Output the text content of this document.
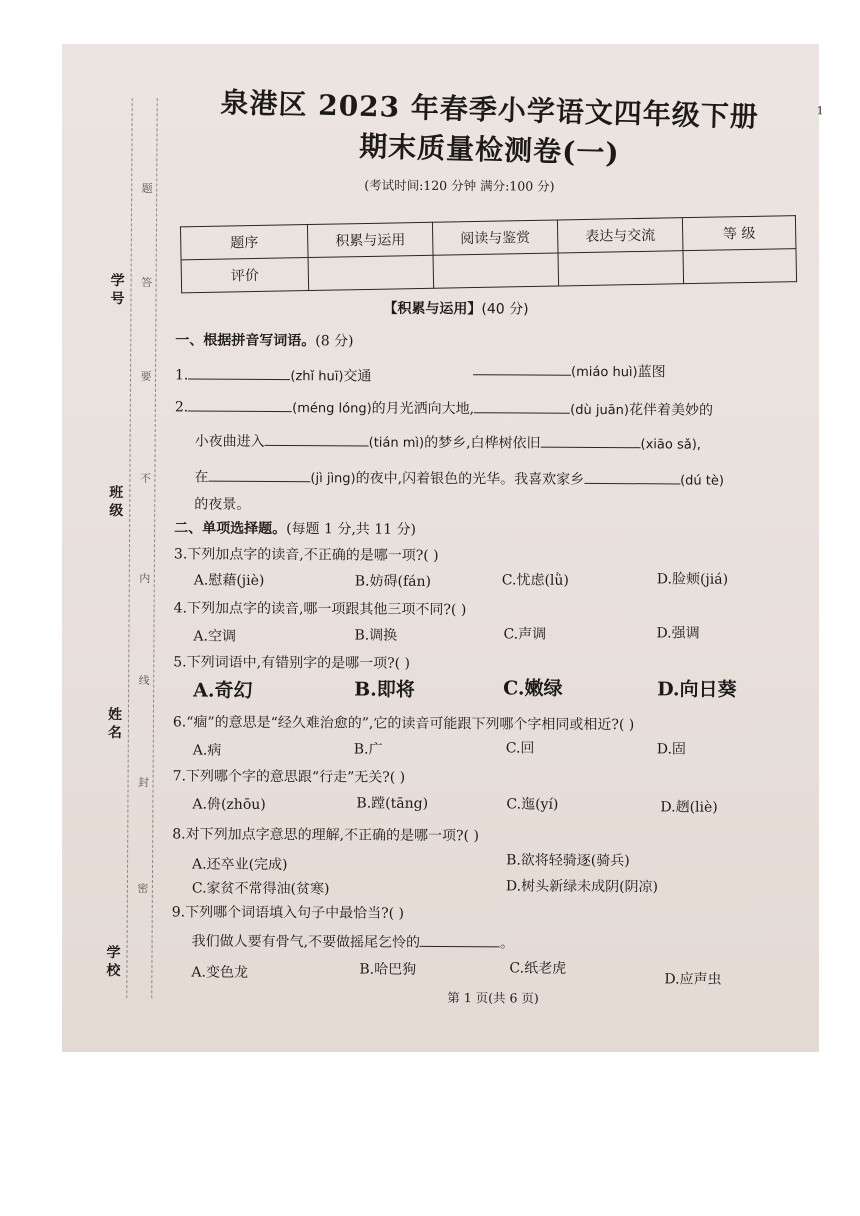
学号
班级
姓名
学校
题
答
要
不
内
线
封
密
泉港区 2023 年春季小学语文四年级下册
期末质量检测卷(一)
1
(考试时间:120 分钟 满分:100 分)
题序	积累与运用	阅读与鉴赏	表达与交流	等 级
评价				
【积累与运用】(40 分)
一、根据拼音写词语。(8 分)
1.	(zhǐ huī)交通	(miáo huì)蓝图
2.	(méng lóng)的月光洒向大地,	(dù juān)花伴着美妙的
小夜曲进入	(tián mì)的梦乡,白桦树依旧	(xiāo sǎ),
在	(jì jìng)的夜中,闪着银色的光华。我喜欢家乡	(dú tè)
的夜景。
二、单项选择题。(每题 1 分,共 11 分)
3.下列加点字的读音,不正确的是哪一项?( )
A.慰藉(jiè)	B.妨碍(fán)	C.忧虑(lǜ)	D.脸颊(jiá)
4.下列加点字的读音,哪一项跟其他三项不同?( )
A.空调	B.调换	C.声调	D.强调
5.下列词语中,有错别字的是哪一项?( )
A.奇幻	B.即将	C.嫩绿	D.向日葵
6.“痼”的意思是“经久难治愈的”,它的读音可能跟下列哪个字相同或相近?( )
A.病	B.广	C.回	D.固
7.下列哪个字的意思跟“行走”无关?( )
A.侜(zhōu)	B.蹚(tāng)	C.迤(yí)	D.趔(liè)
8.对下列加点字意思的理解,不正确的是哪一项?( )
A.还卒业(完成)	B.欲将轻骑逐(骑兵)
C.家贫不常得油(贫寒)	D.树头新绿未成阴(阴凉)
9.下列哪个词语填入句子中最恰当?( )
我们做人要有骨气,不要做摇尾乞怜的	。
A.变色龙	B.哈巴狗	C.纸老虎
D.应声虫
第 1 页(共 6 页)
